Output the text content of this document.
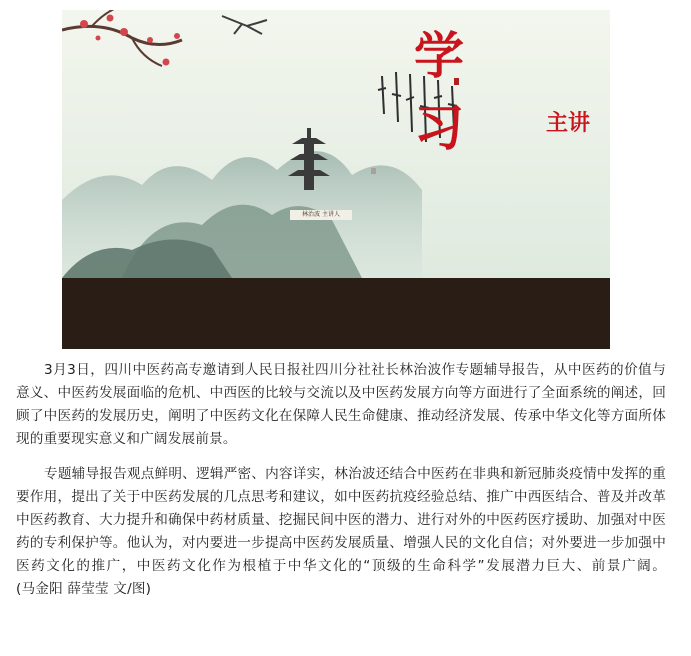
学 习	主讲
林治波 主讲人

3月3日，四川中医药高专邀请到人民日报社四川分社社长林治波作专题辅导报告，从中医药的价值与意义、中医药发展面临的危机、中西医的比较与交流以及中医药发展方向等方面进行了全面系统的阐述，回顾了中医药的发展历史，阐明了中医药文化在保障人民生命健康、推动经济发展、传承中华文化等方面所体现的重要现实意义和广阔发展前景。

专题辅导报告观点鲜明、逻辑严密、内容详实，林治波还结合中医药在非典和新冠肺炎疫情中发挥的重要作用，提出了关于中医药发展的几点思考和建议，如中医药抗疫经验总结、推广中西医结合、普及并改革中医药教育、大力提升和确保中药材质量、挖掘民间中医的潜力、进行对外的中医药医疗援助、加强对中医药的专利保护等。他认为，对内要进一步提高中医药发展质量、增强人民的文化自信；对外要进一步加强中医药文化的推广，中医药文化作为根植于中华文化的“顶级的生命科学”发展潜力巨大、前景广阔。(马金阳 薛莹莹 文/图)
